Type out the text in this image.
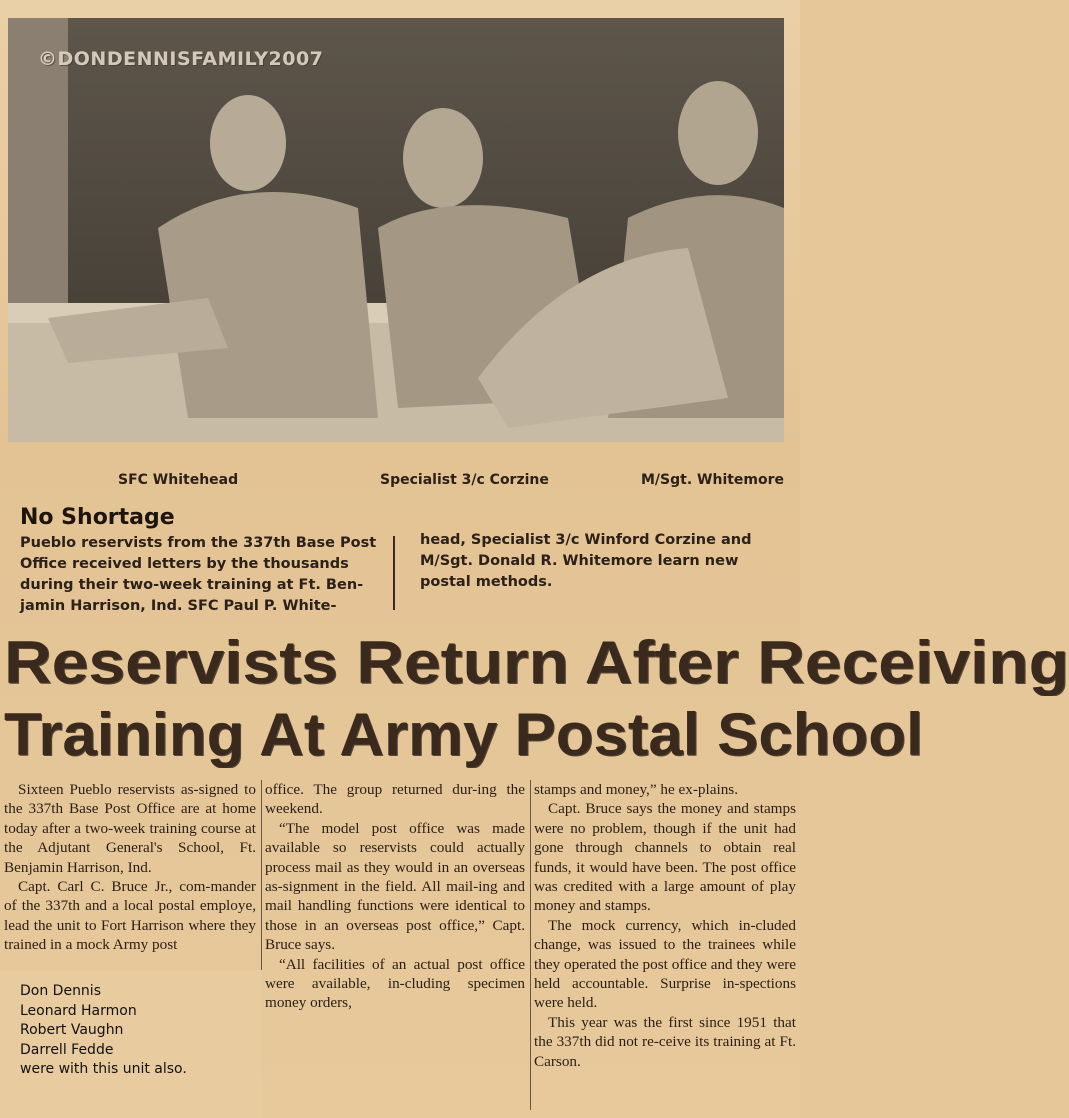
©DONDENNISFAMILY2007
SFC Whitehead	Specialist 3/c Corzine	M/Sgt. Whitemore
No Shortage
Pueblo reservists from the 337th Base Post
Office received letters by the thousands
during their two-week training at Ft. Ben-
jamin Harrison, Ind. SFC Paul P. White-
head, Specialist 3/c Winford Corzine and
M/Sgt. Donald R. Whitemore learn new
postal methods.
Reservists Return After Receiving
Training At Army Postal School

Sixteen Pueblo reservists as-signed to the 337th Base Post Office are at home today after a two-week training course at the Adjutant General's School, Ft. Benjamin Harrison, Ind.

Capt. Carl C. Bruce Jr., com-mander of the 337th and a local postal employe, lead the unit to Fort Harrison where they trained in a mock Army post

office. The group returned dur-ing the weekend.

“The model post office was made available so reservists could actually process mail as they would in an overseas as-signment in the field. All mail-ing and mail handling functions were identical to those in an overseas post office,” Capt. Bruce says.

“All facilities of an actual post office were available, in-cluding specimen money orders,

stamps and money,” he ex-plains.

Capt. Bruce says the money and stamps were no problem, though if the unit had gone through channels to obtain real funds, it would have been. The post office was credited with a large amount of play money and stamps.

The mock currency, which in-cluded change, was issued to the trainees while they operated the post office and they were held accountable. Surprise in-spections were held.

This year was the first since 1951 that the 337th did not re-ceive its training at Ft. Carson.

Don Dennis
Leonard Harmon
Robert Vaughn
Darrell Fedde
were with this unit also.
